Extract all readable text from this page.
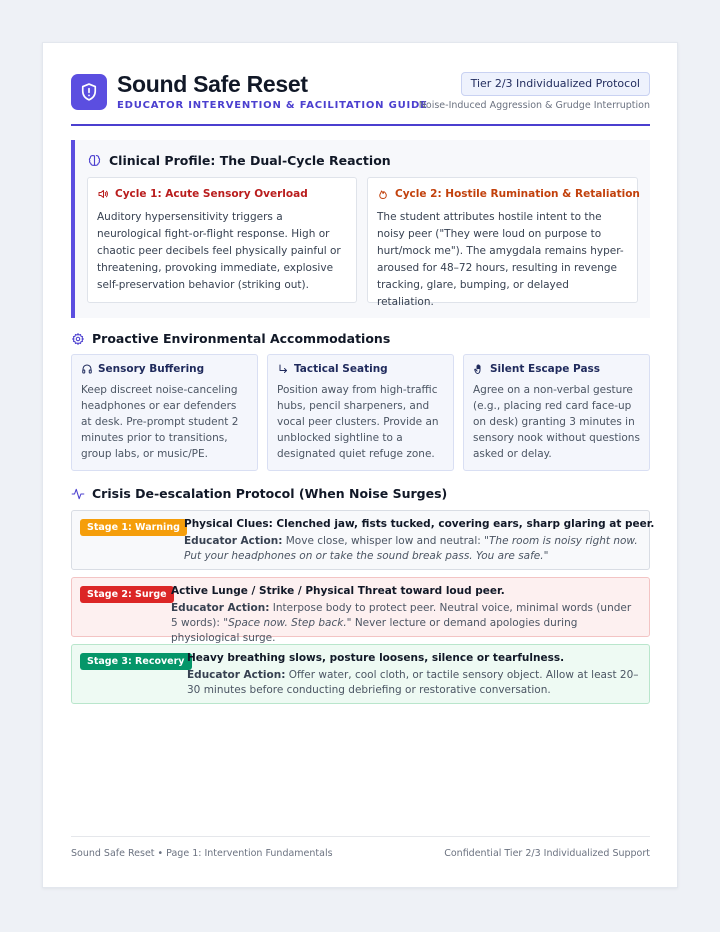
Sound Safe Reset
EDUCATOR INTERVENTION & FACILITATION GUIDE
Tier 2/3 Individualized Protocol
Noise-Induced Aggression & Grudge Interruption
Clinical Profile: The Dual-Cycle Reaction
Cycle 1: Acute Sensory Overload

Auditory hypersensitivity triggers a neurological fight-or-flight response. High or chaotic peer decibels feel physically painful or threatening, provoking immediate, explosive self-preservation behavior (striking out).

Cycle 2: Hostile Rumination & Retaliation

The student attributes hostile intent to the noisy peer ("They were loud on purpose to hurt/mock me"). The amygdala remains hyper-aroused for 48–72 hours, resulting in revenge tracking, glare, bumping, or delayed retaliation.

Proactive Environmental Accommodations
Sensory Buffering

Keep discreet noise-canceling headphones or ear defenders at desk. Pre-prompt student 2 minutes prior to transitions, group labs, or music/PE.

Tactical Seating

Position away from high-traffic hubs, pencil sharpeners, and vocal peer clusters. Provide an unblocked sightline to a designated quiet refuge zone.

Silent Escape Pass

Agree on a non-verbal gesture (e.g., placing red card face-up on desk) granting 3 minutes in sensory nook without questions asked or delay.

Crisis De-escalation Protocol (When Noise Surges)
Stage 1: Warning Physical Clues: Clenched jaw, fists tucked, covering ears, sharp glaring at peer.
Educator Action: Move close, whisper low and neutral: "The room is noisy right now. Put your headphones on or take the sound break pass. You are safe."
Stage 2: Surge Active Lunge / Strike / Physical Threat toward loud peer.
Educator Action: Interpose body to protect peer. Neutral voice, minimal words (under 5 words): "Space now. Step back." Never lecture or demand apologies during physiological surge.
Stage 3: Recovery Heavy breathing slows, posture loosens, silence or tearfulness.
Educator Action: Offer water, cool cloth, or tactile sensory object. Allow at least 20–30 minutes before conducting debriefing or restorative conversation.
Sound Safe Reset • Page 1: Intervention Fundamentals	Confidential Tier 2/3 Individualized Support
